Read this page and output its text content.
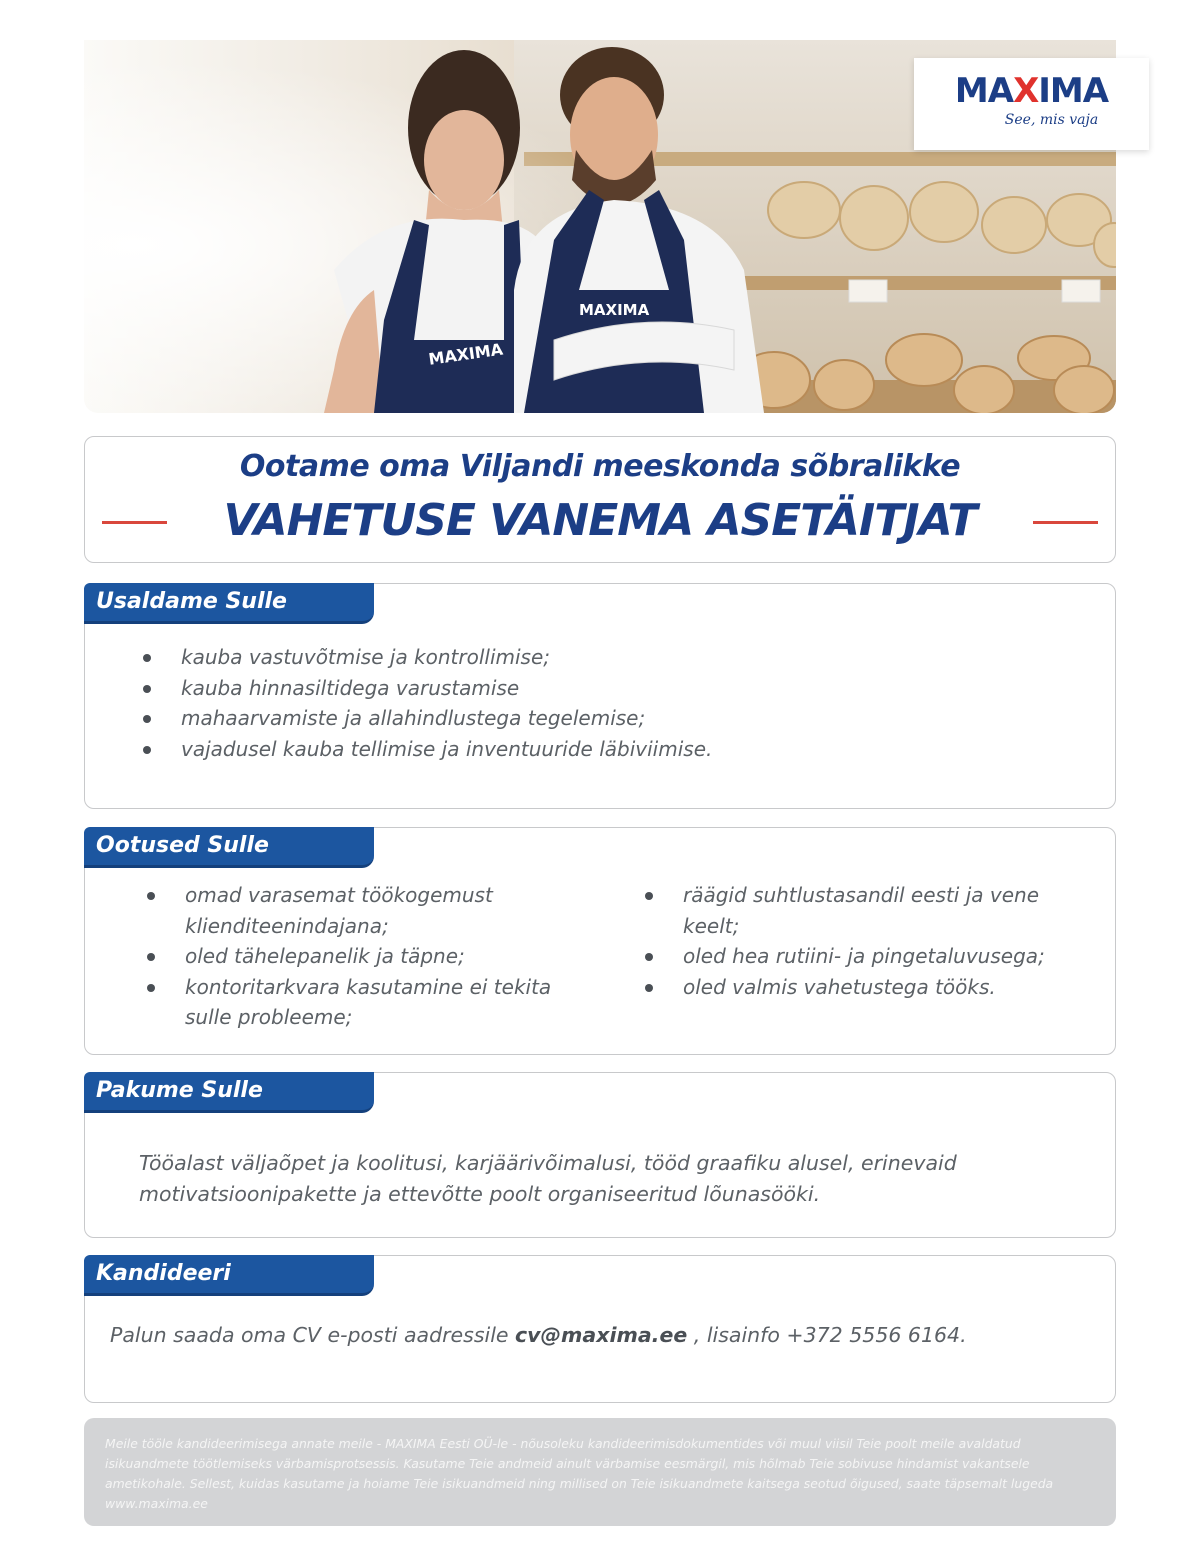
MAXIMA
MAXIMA
MAXIMA
See, mis vaja
Ootame oma Viljandi meeskonda sõbralikke
VAHETUSE VANEMA ASETÄITJAT
Usaldame Sulle
kauba vastuvõtmise ja kontrollimise;
kauba hinnasiltidega varustamise
mahaarvamiste ja allahindlustega tegelemise;
vajadusel kauba tellimise ja inventuuride läbiviimise.
Ootused Sulle
omad varasemat töökogemust klienditeenindajana;
oled tähelepanelik ja täpne;
kontoritarkvara kasutamine ei tekita sulle probleeme;
räägid suhtlustasandil eesti ja vene keelt;
oled hea rutiini- ja pingetaluvusega;
oled valmis vahetustega tööks.
Pakume Sulle
Tööalast väljaõpet ja koolitusi, karjäärivõimalusi, tööd graafiku alusel, erinevaid motivatsioonipakette ja ettevõtte poolt organiseeritud lõunasööki.
Kandideeri
Palun saada oma CV e-posti aadressile cv@maxima.ee , lisainfo +372 5556 6164.
Meile tööle kandideerimisega annate meile - MAXIMA Eesti OÜ-le - nõusoleku kandideerimisdokumentides või muul viisil Teie poolt meile avaldatud isikuandmete töötlemiseks värbamisprotsessis. Kasutame Teie andmeid ainult värbamise eesmärgil, mis hõlmab Teie sobivuse hindamist vakantsele ametikohale. Sellest, kuidas kasutame ja hoiame Teie isikuandmeid ning millised on Teie isikuandmete kaitsega seotud õigused, saate täpsemalt lugeda www.maxima.ee
